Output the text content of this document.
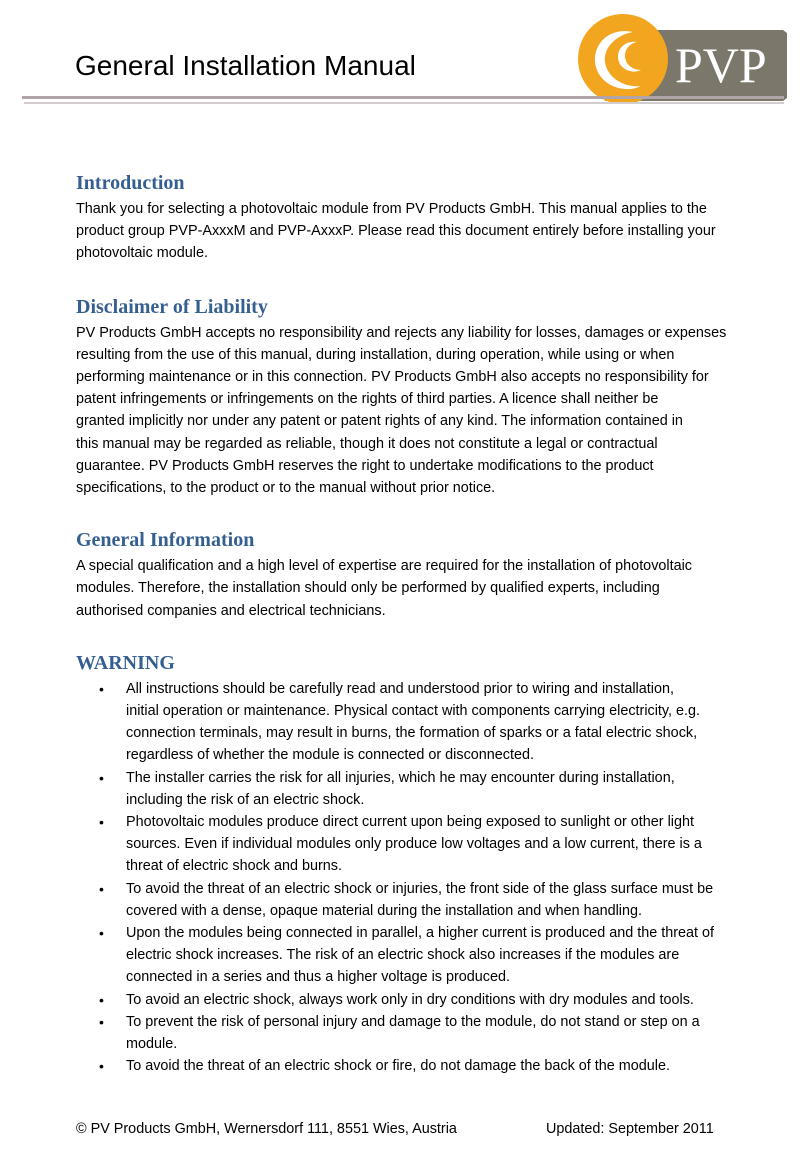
General Installation Manual	PVP
Introduction

Thank you for selecting a photovoltaic module from PV Products GmbH. This manual applies to the
product group PVP-AxxxM and PVP-AxxxP. Please read this document entirely before installing your
photovoltaic module.

Disclaimer of Liability

PV Products GmbH accepts no responsibility and rejects any liability for losses, damages or expenses
resulting from the use of this manual, during installation, during operation, while using or when
performing maintenance or in this connection. PV Products GmbH also accepts no responsibility for
patent infringements or infringements on the rights of third parties. A licence shall neither be
granted implicitly nor under any patent or patent rights of any kind. The information contained in
this manual may be regarded as reliable, though it does not constitute a legal or contractual
guarantee. PV Products GmbH reserves the right to undertake modifications to the product
specifications, to the product or to the manual without prior notice.

General Information

A special qualification and a high level of expertise are required for the installation of photovoltaic
modules. Therefore, the installation should only be performed by qualified experts, including
authorised companies and electrical technicians.

WARNING
• All instructions should be carefully read and understood prior to wiring and installation,
initial operation or maintenance. Physical contact with components carrying electricity, e.g.
connection terminals, may result in burns, the formation of sparks or a fatal electric shock,
regardless of whether the module is connected or disconnected.
• The installer carries the risk for all injuries, which he may encounter during installation,
including the risk of an electric shock.
• Photovoltaic modules produce direct current upon being exposed to sunlight or other light
sources. Even if individual modules only produce low voltages and a low current, there is a
threat of electric shock and burns.
• To avoid the threat of an electric shock or injuries, the front side of the glass surface must be
covered with a dense, opaque material during the installation and when handling.
• Upon the modules being connected in parallel, a higher current is produced and the threat of
electric shock increases. The risk of an electric shock also increases if the modules are
connected in a series and thus a higher voltage is produced.
• To avoid an electric shock, always work only in dry conditions with dry modules and tools.
• To prevent the risk of personal injury and damage to the module, do not stand or step on a
module.
• To avoid the threat of an electric shock or fire, do not damage the back of the module.
© PV Products GmbH, Wernersdorf 111, 8551 Wies, Austria	Updated: September 2011
